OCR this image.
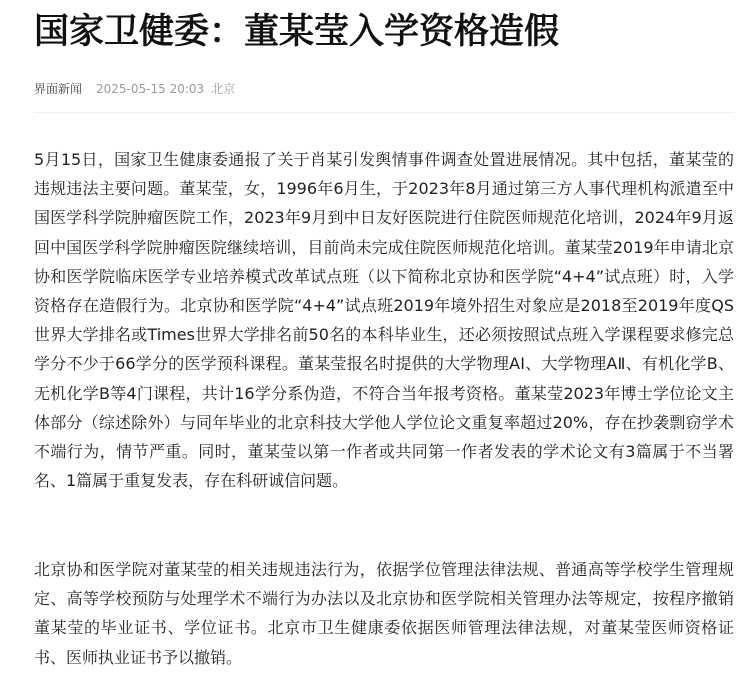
国家卫健委：董某莹入学资格造假
界面新闻 2025-05-15 20:03 北京

5月15日，国家卫生健康委通报了关于肖某引发舆情事件调查处置进展情况。其中包括，董某莹的违规违法主要问题。董某莹，女，1996年6月生，于2023年8月通过第三方人事代理机构派遣至中国医学科学院肿瘤医院工作，2023年9月到中日友好医院进行住院医师规范化培训，2024年9月返回中国医学科学院肿瘤医院继续培训，目前尚未完成住院医师规范化培训。董某莹2019年申请北京协和医学院临床医学专业培养模式改革试点班（以下简称北京协和医学院“4+4”试点班）时，入学资格存在造假行为。北京协和医学院“4+4”试点班2019年境外招生对象应是2018至2019年度QS世界大学排名或Times世界大学排名前50名的本科毕业生，还必须按照试点班入学课程要求修完总学分不少于66学分的医学预科课程。董某莹报名时提供的大学物理AⅠ、大学物理AⅡ、有机化学B、无机化学B等4门课程，共计16学分系伪造，不符合当年报考资格。董某莹2023年博士学位论文主体部分（综述除外）与同年毕业的北京科技大学他人学位论文重复率超过20%，存在抄袭剽窃学术不端行为，情节严重。同时，董某莹以第一作者或共同第一作者发表的学术论文有3篇属于不当署名、1篇属于重复发表，存在科研诚信问题。

北京协和医学院对董某莹的相关违规违法行为，依据学位管理法律法规、普通高等学校学生管理规定、高等学校预防与处理学术不端行为办法以及北京协和医学院相关管理办法等规定，按程序撤销董某莹的毕业证书、学位证书。北京市卫生健康委依据医师管理法律法规，对董某莹医师资格证书、医师执业证书予以撤销。
